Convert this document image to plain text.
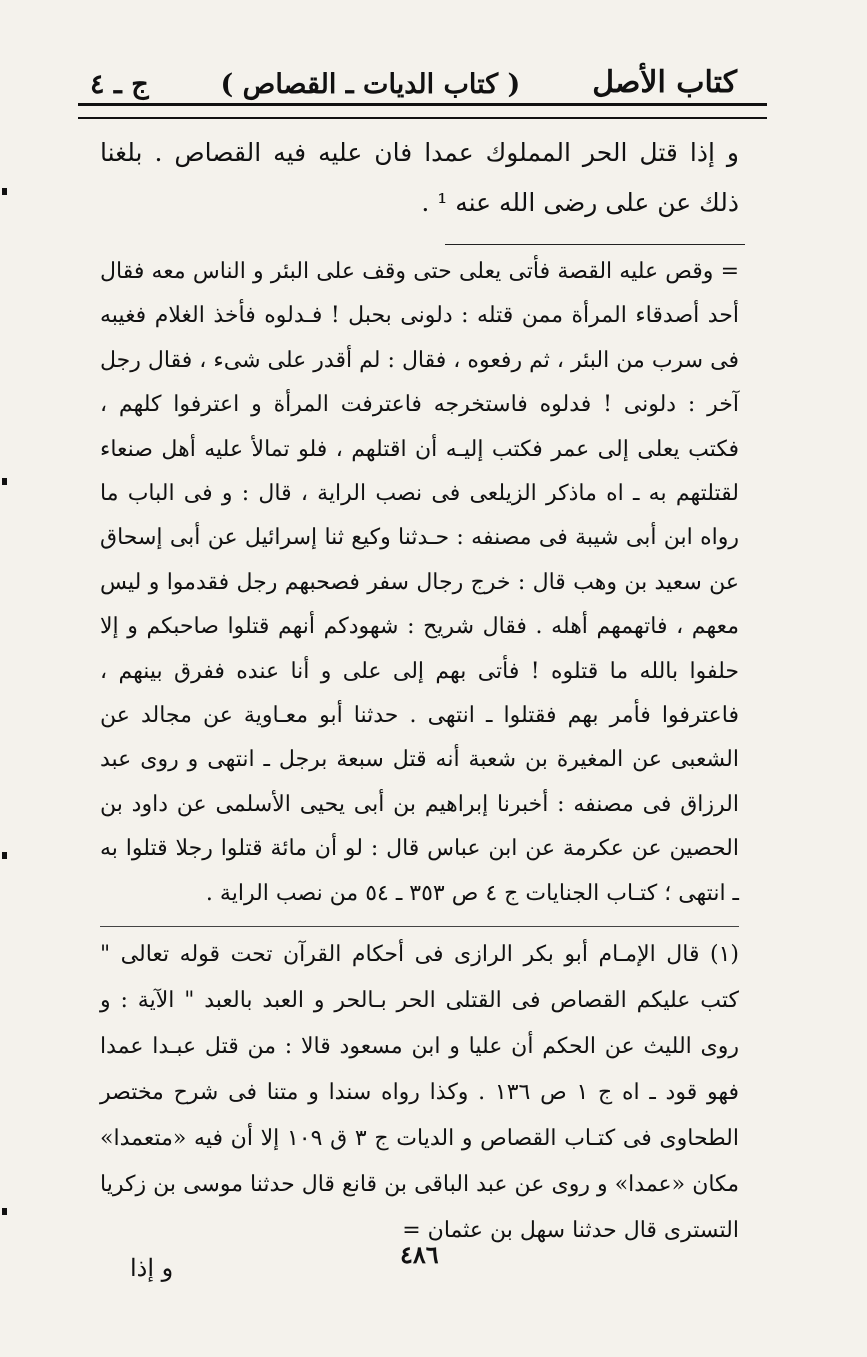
كتاب الأصل
( كتاب الديات ـ القصاص )
ج ـ ٤
و إذا قتل الحر المملوك عمدا فان عليه فيه القصاص . بلغنا ذلك عن على رضى الله عنه ¹ .
= وقص عليه القصة فأتى يعلى حتى وقف على البئر و الناس معه فقال أحد أصدقاء المرأة ممن قتله : دلونى بحبل ! فـدلوه فأخذ الغلام فغيبه فى سرب من البئر ، ثم رفعوه ، فقال : لم أقدر على شىء ، فقال رجل آخر : دلونى ! فدلوه فاستخرجه فاعترفت المرأة و اعترفوا كلهم ، فكتب يعلى إلى عمر فكتب إليـه أن اقتلهم ، فلو تمالأ عليه أهل صنعاء لقتلتهم به ـ اه ماذكر الزيلعى فى نصب الراية ، قال : و فى الباب ما رواه ابن أبى شيبة فى مصنفه : حـدثنا وكيع ثنا إسرائيل عن أبى إسحاق عن سعيد بن وهب قال : خرج رجال سفر فصحبهم رجل فقدموا و ليس معهم ، فاتهمهم أهله . فقال شريح : شهودكم أنهم قتلوا صاحبكم و إلا حلفوا بالله ما قتلوه ! فأتى بهم إلى على و أنا عنده ففرق بينهم ، فاعترفوا فأمر بهم فقتلوا ـ انتهى . حدثنا أبو معـاوية عن مجالد عن الشعبى عن المغيرة بن شعبة أنه قتل سبعة برجل ـ انتهى و روى عبد الرزاق فى مصنفه : أخبرنا إبراهيم بن أبى يحيى الأسلمى عن داود بن الحصين عن عكرمة عن ابن عباس قال : لو أن مائة قتلوا رجلا قتلوا به ـ انتهى ؛ كتـاب الجنايات ج ٤ ص ٣٥٣ ـ ٥٤ من نصب الراية .
(١) قال الإمـام أبو بكر الرازى فى أحكام القرآن تحت قوله تعالى " كتب عليكم القصاص فى القتلى الحر بـالحر و العبد بالعبد " الآية : و روى الليث عن الحكم أن عليا و ابن مسعود قالا : من قتل عبـدا عمدا فهو قود ـ اه ج ١ ص ١٣٦ . وكذا رواه سندا و متنا فى شرح مختصر الطحاوى فى كتـاب القصاص و الديات ج ٣ ق ١٠٩ إلا أن فيه «متعمدا» مكان «عمدا» و روى عن عبد الباقى بن قانع قال حدثنا موسى بن زكريا التسترى قال حدثنا سهل بن عثمان =
٤٨٦
و إذا
